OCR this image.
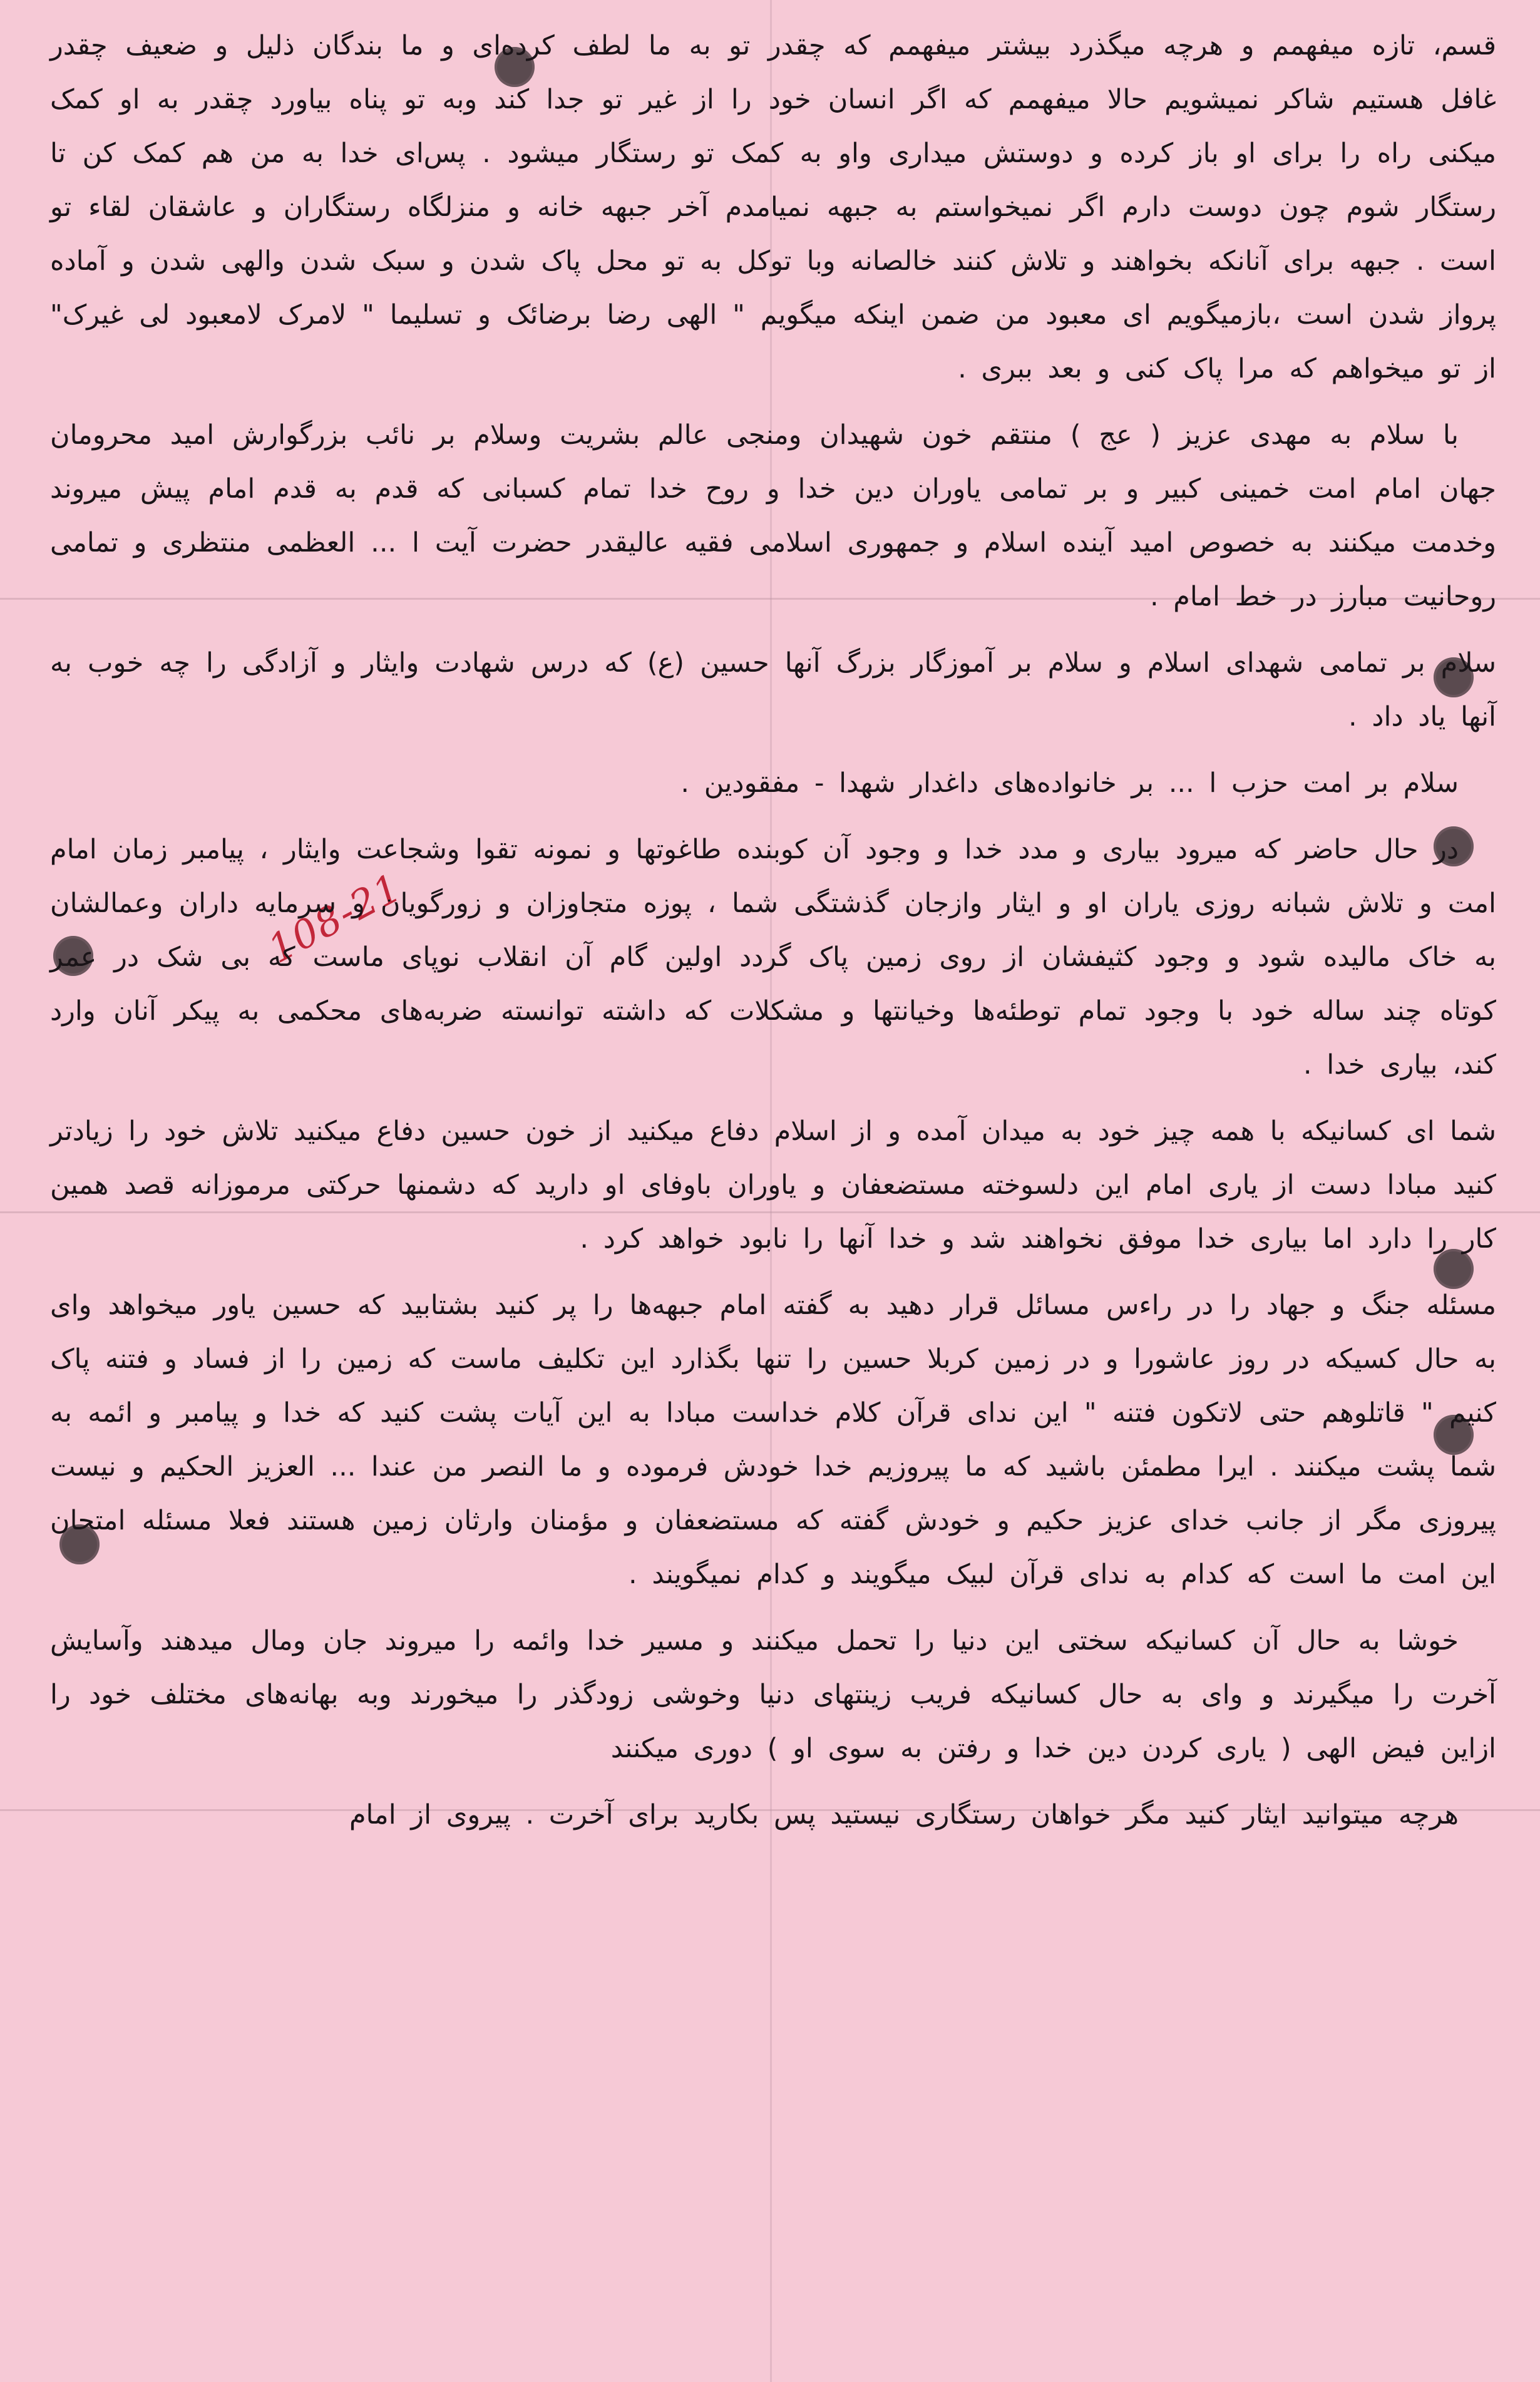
108-21

قسم، تازه میفهمم و هرچه میگذرد بیشتر میفهمم که چقدر تو به ما لطف کرده‌ای و ما بندگان ذلیل و ضعیف چقدر غافل هستیم شاکر نمیشویم حالا میفهمم که اگر انسان خود را از غیر تو جدا کند وبه تو پناه بیاورد چقدر به او کمک میکنی راه را برای او باز کرده و دوستش میداری واو به کمک تو رستگار میشود . پس‌ای خدا به من هم کمک کن تا رستگار شوم چون دوست دارم اگر نمیخواستم به جبهه نمیامدم آخر جبهه خانه و منزلگاه رستگاران و عاشقان لقاء تو است . جبهه برای آنانکه بخواهند و تلاش کنند خالصانه وبا توکل به تو محل پاک شدن و سبک شدن والهی شدن و آماده پرواز شدن است ،بازمیگویم ای معبود من ضمن اینکه میگویم " الهی رضا برضائک و تسلیما " لامرک لامعبود لی غیرک" از تو میخواهم که مرا پاک کنی و بعد ببری .

با سلام به مهدی عزیز ( عج ) منتقم خون شهیدان ومنجی عالم بشریت وسلام بر نائب بزرگوارش امید محرومان جهان امام امت خمینی کبیر و بر تمامی یاوران دین خدا و روح خدا تمام کسبانی که قدم به قدم امام پیش میروند وخدمت میکنند به خصوص امید آینده اسلام و جمهوری اسلامی فقیه عالیقدر حضرت آیت ا ... العظمی منتظری و تمامی روحانیت مبارز در خط امام .

سلام بر تمامی شهدای اسلام و سلام بر آموزگار بزرگ آنها حسین (ع) که درس شهادت وایثار و آزادگی را چه خوب به آنها یاد داد .

سلام بر امت حزب ا ... بر خانواده‌های داغدار شهدا - مفقودین .

در حال حاضر که میرود بیاری و مدد خدا و وجود آن کوبنده طاغوتها و نمونه تقوا وشجاعت وایثار ، پیامبر زمان امام امت و تلاش شبانه روزی یاران او و ایثار وازجان گذشتگی شما ، پوزه متجاوزان و زورگویان و سرمایه داران وعمالشان به خاک مالیده شود و وجود کثیفشان از روی زمین پاک گردد اولین گام آن انقلاب نوپای ماست که بی شک در عمر کوتاه چند ساله خود با وجود تمام توطئه‌ها وخیانتها و مشکلات که داشته توانسته ضربه‌های محکمی به پیکر آنان وارد کند، بیاری خدا .

شما ای کسانیکه با همه چیز خود به میدان آمده و از اسلام دفاع میکنید از خون حسین دفاع میکنید تلاش خود را زیادتر کنید مبادا دست از یاری امام این دلسوخته مستضعفان و یاوران باوفای او دارید که دشمنها حرکتی مرموزانه قصد همین کار را دارد اما بیاری خدا موفق نخواهند شد و خدا آنها را نابود خواهد کرد .

مسئله جنگ و جهاد را در راءس مسائل قرار دهید به گفته امام جبهه‌ها را پر کنید بشتابید که حسین یاور میخواهد وای به حال کسیکه در روز عاشورا و در زمین کربلا حسین را تنها بگذارد این تکلیف ماست که زمین را از فساد و فتنه پاک کنیم " قاتلوهم حتی لاتکون فتنه " این ندای قرآن کلام خداست مبادا به این آیات پشت کنید که خدا و پیامبر و ائمه به شما پشت میکنند . ایرا مطمئن باشید که ما پیروزیم خدا خودش فرموده و ما النصر من عندا ... العزیز الحکیم و نیست پیروزی مگر از جانب خدای عزیز حکیم و خودش گفته که مستضعفان و مؤمنان وارثان زمین هستند فعلا مسئله امتحان این امت ما است که کدام به ندای قرآن لبیک میگویند و کدام نمیگویند .

خوشا به حال آن کسانیکه سختی این دنیا را تحمل میکنند و مسیر خدا وائمه را میروند جان ومال میدهند وآسایش آخرت را میگیرند و وای به حال کسانیکه فریب زینتهای دنیا وخوشی زودگذر را میخورند وبه بهانه‌های مختلف خود را ازاین فیض الهی ( یاری کردن دین خدا و رفتن به سوی او ) دوری میکنند

هرچه میتوانید ایثار کنید مگر خواهان رستگاری نیستید پس بکارید برای آخرت . پیروی از امام
